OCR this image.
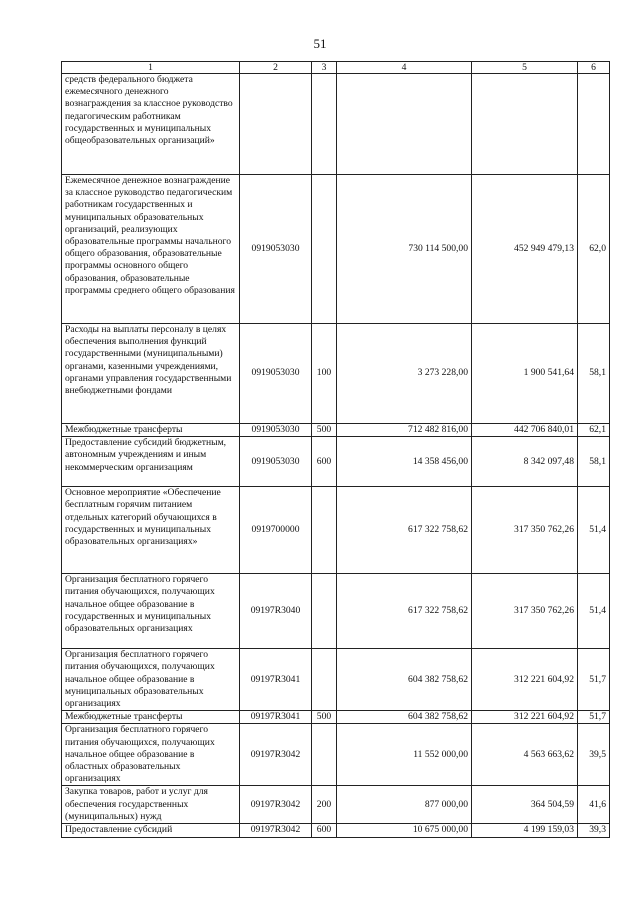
51
1	2	3	4	5	6
средств федерального бюджета ежемесячного денежного вознаграждения за классное руководство педагогическим работникам государственных и муниципальных общеобразовательных организаций»					
Ежемесячное денежное вознаграждение за классное руководство педагогическим работникам государственных и муниципальных образовательных организаций, реализующих образовательные программы начального общего образования, образовательные программы основного общего образования, образовательные программы среднего общего образования	0919053030		730 114 500,00	452 949 479,13	62,0
Расходы на выплаты персоналу в целях обеспечения выполнения функций государственными (муниципальными) органами, казенными учреждениями, органами управления государственными внебюджетными фондами	0919053030	100	3 273 228,00	1 900 541,64	58,1
Межбюджетные трансферты	0919053030	500	712 482 816,00	442 706 840,01	62,1
Предоставление субсидий бюджетным, автономным учреждениям и иным некоммерческим организациям	0919053030	600	14 358 456,00	8 342 097,48	58,1
Основное мероприятие «Обеспечение бесплатным горячим питанием отдельных категорий обучающихся в государственных и муниципальных образовательных организациях»	0919700000		617 322 758,62	317 350 762,26	51,4
Организация бесплатного горячего питания обучающихся, получающих начальное общее образование в государственных и муниципальных образовательных организациях	09197R3040		617 322 758,62	317 350 762,26	51,4
Организация бесплатного горячего питания обучающихся, получающих начальное общее образование в муниципальных образовательных организациях	09197R3041		604 382 758,62	312 221 604,92	51,7
Межбюджетные трансферты	09197R3041	500	604 382 758,62	312 221 604,92	51,7
Организация бесплатного горячего питания обучающихся, получающих начальное общее образование в областных образовательных организациях	09197R3042		11 552 000,00	4 563 663,62	39,5
Закупка товаров, работ и услуг для обеспечения государственных (муниципальных) нужд	09197R3042	200	877 000,00	364 504,59	41,6
Предоставление субсидий	09197R3042	600	10 675 000,00	4 199 159,03	39,3
